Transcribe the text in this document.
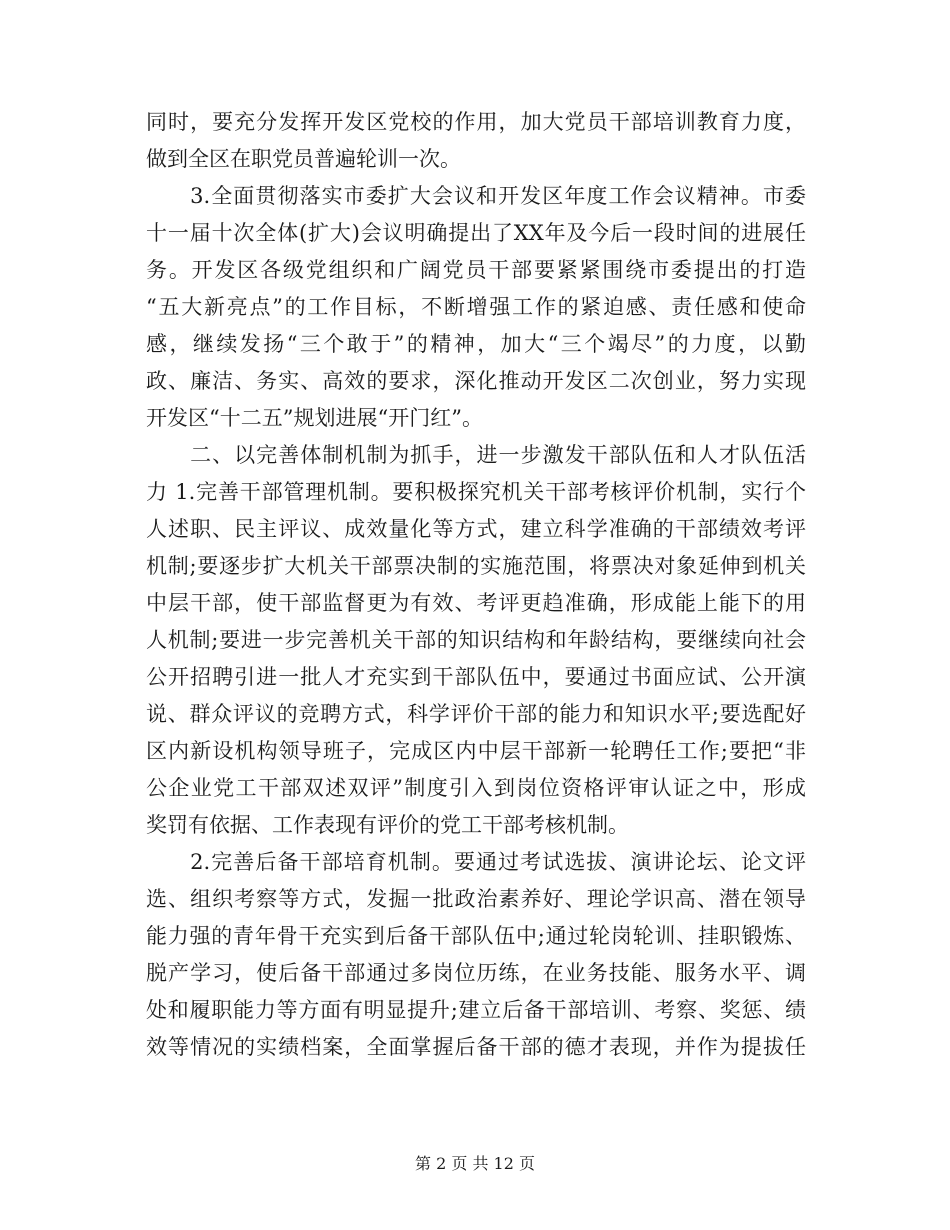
同时，要充分发挥开发区党校的作用，加大党员干部培训教育力度，
做到全区在职党员普遍轮训一次。
　　3.全面贯彻落实市委扩大会议和开发区年度工作会议精神。市委
十一届十次全体(扩大)会议明确提出了XX年及今后一段时间的进展任
务。开发区各级党组织和广阔党员干部要紧紧围绕市委提出的打造
“五大新亮点”的工作目标，不断增强工作的紧迫感、责任感和使命
感，继续发扬“三个敢于”的精神，加大“三个竭尽”的力度，以勤
政、廉洁、务实、高效的要求，深化推动开发区二次创业，努力实现
开发区“十二五”规划进展“开门红”。
　　二、以完善体制机制为抓手，进一步激发干部队伍和人才队伍活
力 1.完善干部管理机制。要积极探究机关干部考核评价机制，实行个
人述职、民主评议、成效量化等方式，建立科学准确的干部绩效考评
机制;要逐步扩大机关干部票决制的实施范围，将票决对象延伸到机关
中层干部，使干部监督更为有效、考评更趋准确，形成能上能下的用
人机制;要进一步完善机关干部的知识结构和年龄结构，要继续向社会
公开招聘引进一批人才充实到干部队伍中，要通过书面应试、公开演
说、群众评议的竞聘方式，科学评价干部的能力和知识水平;要选配好
区内新设机构领导班子，完成区内中层干部新一轮聘任工作;要把“非
公企业党工干部双述双评”制度引入到岗位资格评审认证之中，形成
奖罚有依据、工作表现有评价的党工干部考核机制。
　　2.完善后备干部培育机制。要通过考试选拔、演讲论坛、论文评
选、组织考察等方式，发掘一批政治素养好、理论学识高、潜在领导
能力强的青年骨干充实到后备干部队伍中;通过轮岗轮训、挂职锻炼、
脱产学习，使后备干部通过多岗位历练，在业务技能、服务水平、调
处和履职能力等方面有明显提升;建立后备干部培训、考察、奖惩、绩
效等情况的实绩档案，全面掌握后备干部的德才表现，并作为提拔任
第 2 页 共 12 页
